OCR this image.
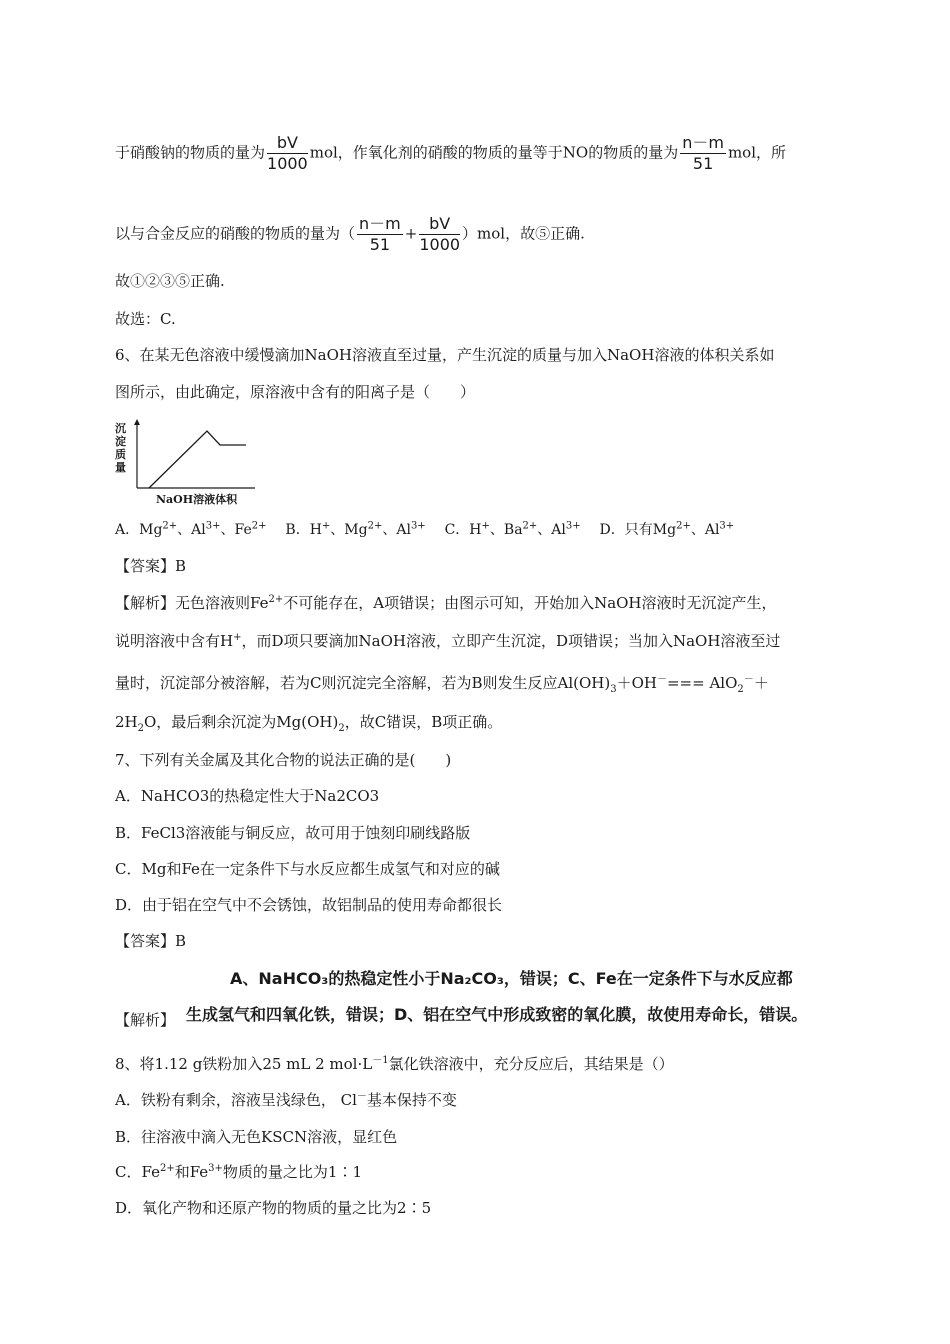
于硝酸钠的物质的量为 $\frac{bV}{1000}$ mol，作氧化剂的硝酸的物质的量等于NO的物质的量为 $\frac{n-m}{51}$ mol，所
以与合金反应的硝酸的物质的量为（ $\frac{n-m}{51} + \frac{bV}{1000} )mol$，故⑤正确.
故①②③⑤正确.
故选：C.
6、在某无色溶液中缓慢滴加NaOH溶液直至过量，产生沉淀的质量与加入NaOH溶液的体积关系如
图所示，由此确定，原溶液中含有的阳离子是（　　）
沉
淀
质
量
NaOH溶液体积
A．$Mg^{2+}$、$Al^{3+}$、$Fe^{2+}$ B．H+、$Mg^{2+}$、$Al^{3+}$ C．H+、$Ba^{2+}$、$Al^{3+}$ D．只有$Mg^{2+}$、$Al^{3+}$
【答案】B
【解析】无色溶液则$Fe^{2+}$不可能存在，A项错误；由图示可知，开始加入NaOH溶液时无沉淀产生，
说明溶液中含有H+，而D项只要滴加NaOH溶液，立即产生沉淀，D项错误；当加入NaOH溶液至过
量时，沉淀部分被溶解，若为C则沉淀完全溶解，若为B则发生反应$Al(OH)_3+OH^-=== AlO_2^-+$
$2H_2O$，最后剩余沉淀为$Mg(OH)_2$，故C错误，B项正确。
7、下列有关金属及其化合物的说法正确的是(　　)
A．NaHCO3的热稳定性大于Na2CO3
B．FeCl3溶液能与铜反应，故可用于蚀刻印刷线路版
C．Mg和Fe在一定条件下与水反应都生成氢气和对应的碱
D．由于铝在空气中不会锈蚀，故铝制品的使用寿命都很长
【答案】B
【解析】
A、NaHCO₃的热稳定性小于Na₂CO₃，错误；C、Fe在一定条件下与水反应都
生成氢气和四氧化铁，错误；D、铝在空气中形成致密的氧化膜，故使用寿命长，错误。
8、将1.12 g铁粉加入25 mL 2 $mol\cdot L^{-1}$氯化铁溶液中，充分反应后，其结果是（）
A．铁粉有剩余，溶液呈浅绿色， Cl－基本保持不变
B．往溶液中滴入无色KSCN溶液，显红色
C．$Fe^{2+}$和$Fe^{3+}$物质的量之比为1∶1
D．氧化产物和还原产物的物质的量之比为2∶5
